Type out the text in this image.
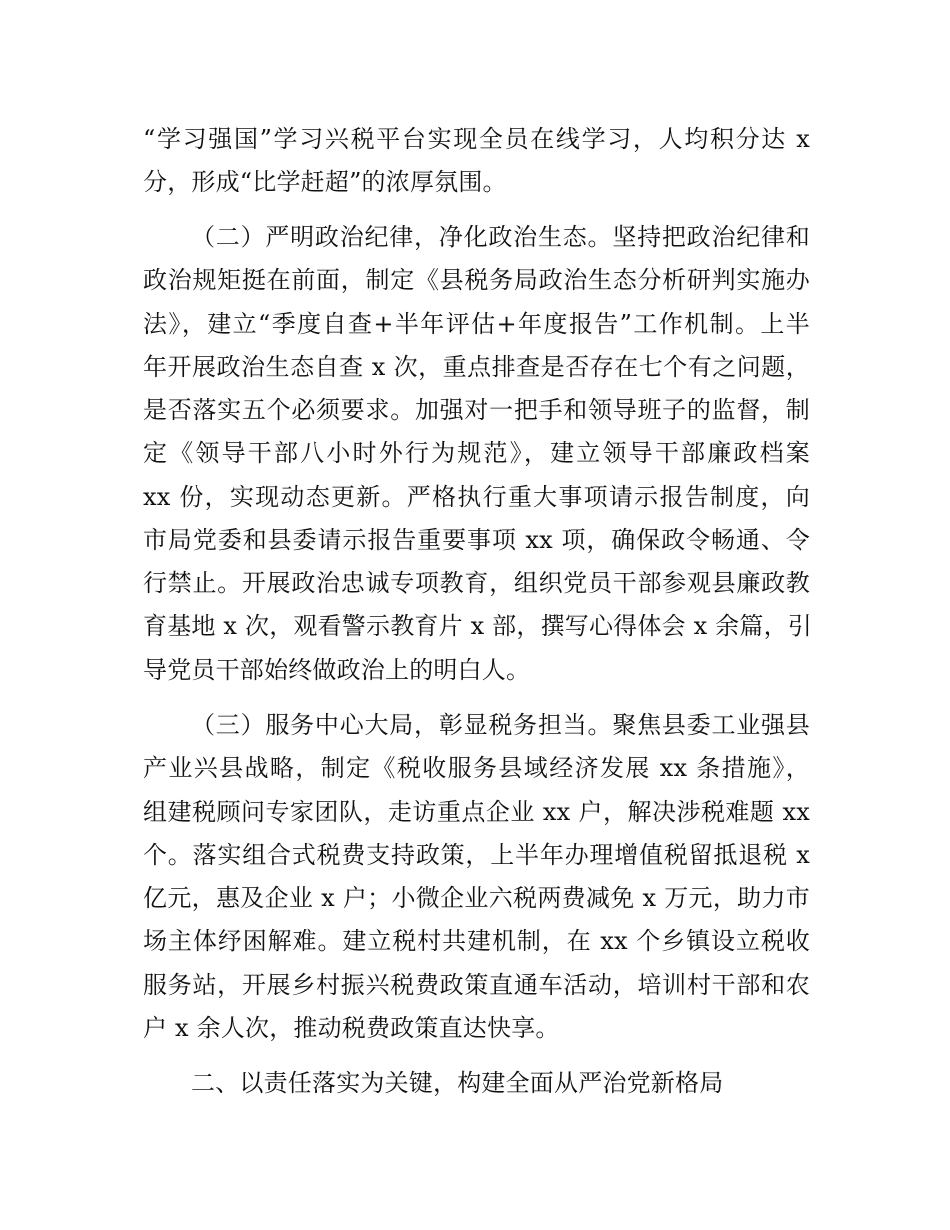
“学习强国”学习兴税平台实现全员在线学习，人均积分达 x
分，形成“比学赶超”的浓厚氛围。
（二）严明政治纪律，净化政治生态。坚持把政治纪律和
政治规矩挺在前面，制定《县税务局政治生态分析研判实施办
法》，建立“季度自查+半年评估+年度报告”工作机制。上半
年开展政治生态自查 x 次，重点排查是否存在七个有之问题，
是否落实五个必须要求。加强对一把手和领导班子的监督，制
定《领导干部八小时外行为规范》，建立领导干部廉政档案
xx 份，实现动态更新。严格执行重大事项请示报告制度，向
市局党委和县委请示报告重要事项 xx 项，确保政令畅通、令
行禁止。开展政治忠诚专项教育，组织党员干部参观县廉政教
育基地 x 次，观看警示教育片 x 部，撰写心得体会 x 余篇，引
导党员干部始终做政治上的明白人。
（三）服务中心大局，彰显税务担当。聚焦县委工业强县
产业兴县战略，制定《税收服务县域经济发展 xx 条措施》，
组建税顾问专家团队，走访重点企业 xx 户，解决涉税难题 xx
个。落实组合式税费支持政策，上半年办理增值税留抵退税 x
亿元，惠及企业 x 户；小微企业六税两费减免 x 万元，助力市
场主体纾困解难。建立税村共建机制，在 xx 个乡镇设立税收
服务站，开展乡村振兴税费政策直通车活动，培训村干部和农
户 x 余人次，推动税费政策直达快享。
二、以责任落实为关键，构建全面从严治党新格局
